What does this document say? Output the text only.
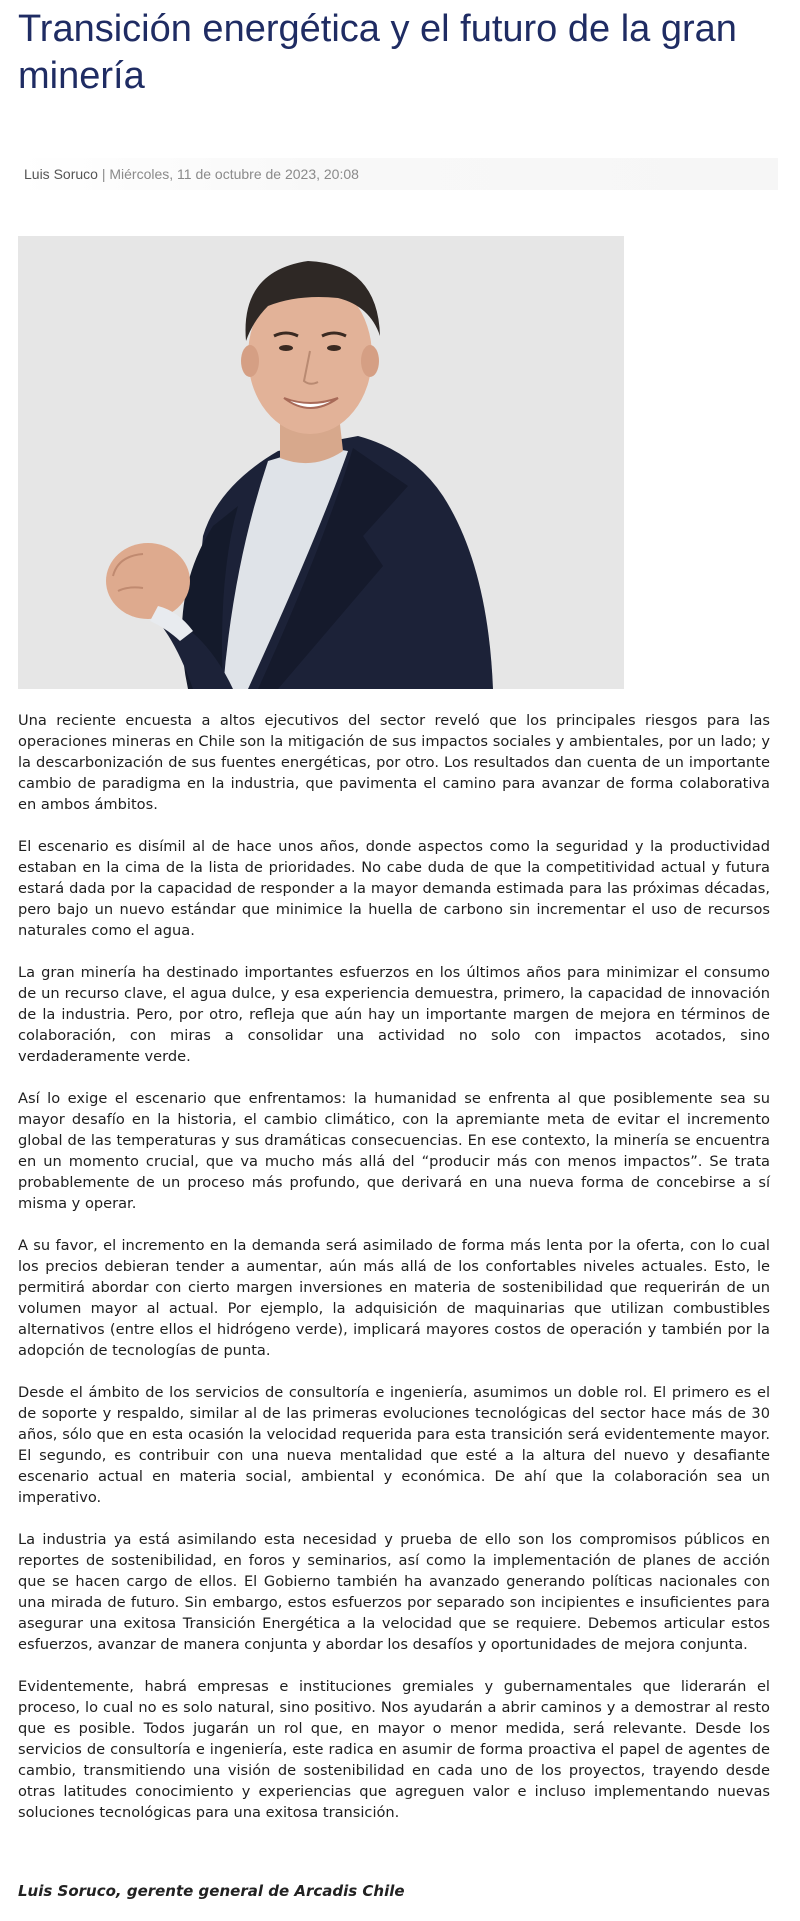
Transición energética y el futuro de la gran minería
Luis Soruco | Miércoles, 11 de octubre de 2023, 20:08

Una reciente encuesta a altos ejecutivos del sector reveló que los principales riesgos para las operaciones mineras en Chile son la mitigación de sus impactos sociales y ambientales, por un lado; y la descarbonización de sus fuentes energéticas, por otro. Los resultados dan cuenta de un importante cambio de paradigma en la industria, que pavimenta el camino para avanzar de forma colaborativa en ambos ámbitos.

El escenario es disímil al de hace unos años, donde aspectos como la seguridad y la productividad estaban en la cima de la lista de prioridades. No cabe duda de que la competitividad actual y futura estará dada por la capacidad de responder a la mayor demanda estimada para las próximas décadas, pero bajo un nuevo estándar que minimice la huella de carbono sin incrementar el uso de recursos naturales como el agua.

La gran minería ha destinado importantes esfuerzos en los últimos años para minimizar el consumo de un recurso clave, el agua dulce, y esa experiencia demuestra, primero, la capacidad de innovación de la industria. Pero, por otro, refleja que aún hay un importante margen de mejora en términos de colaboración, con miras a consolidar una actividad no solo con impactos acotados, sino verdaderamente verde.

Así lo exige el escenario que enfrentamos: la humanidad se enfrenta al que posiblemente sea su mayor desafío en la historia, el cambio climático, con la apremiante meta de evitar el incremento global de las temperaturas y sus dramáticas consecuencias. En ese contexto, la minería se encuentra en un momento crucial, que va mucho más allá del “producir más con menos impactos”. Se trata probablemente de un proceso más profundo, que derivará en una nueva forma de concebirse a sí misma y operar.

A su favor, el incremento en la demanda será asimilado de forma más lenta por la oferta, con lo cual los precios debieran tender a aumentar, aún más allá de los confortables niveles actuales. Esto, le permitirá abordar con cierto margen inversiones en materia de sostenibilidad que requerirán de un volumen mayor al actual. Por ejemplo, la adquisición de maquinarias que utilizan combustibles alternativos (entre ellos el hidrógeno verde), implicará mayores costos de operación y también por la adopción de tecnologías de punta.

Desde el ámbito de los servicios de consultoría e ingeniería, asumimos un doble rol. El primero es el de soporte y respaldo, similar al de las primeras evoluciones tecnológicas del sector hace más de 30 años, sólo que en esta ocasión la velocidad requerida para esta transición será evidentemente mayor. El segundo, es contribuir con una nueva mentalidad que esté a la altura del nuevo y desafiante escenario actual en materia social, ambiental y económica. De ahí que la colaboración sea un imperativo.

La industria ya está asimilando esta necesidad y prueba de ello son los compromisos públicos en reportes de sostenibilidad, en foros y seminarios, así como la implementación de planes de acción que se hacen cargo de ellos. El Gobierno también ha avanzado generando políticas nacionales con una mirada de futuro. Sin embargo, estos esfuerzos por separado son incipientes e insuficientes para asegurar una exitosa Transición Energética a la velocidad que se requiere. Debemos articular estos esfuerzos, avanzar de manera conjunta y abordar los desafíos y oportunidades de mejora conjunta.

Evidentemente, habrá empresas e instituciones gremiales y gubernamentales que liderarán el proceso, lo cual no es solo natural, sino positivo. Nos ayudarán a abrir caminos y a demostrar al resto que es posible. Todos jugarán un rol que, en mayor o menor medida, será relevante. Desde los servicios de consultoría e ingeniería, este radica en asumir de forma proactiva el papel de agentes de cambio, transmitiendo una visión de sostenibilidad en cada uno de los proyectos, trayendo desde otras latitudes conocimiento y experiencias que agreguen valor e incluso implementando nuevas soluciones tecnológicas para una exitosa transición.

Luis Soruco, gerente general de Arcadis Chile
